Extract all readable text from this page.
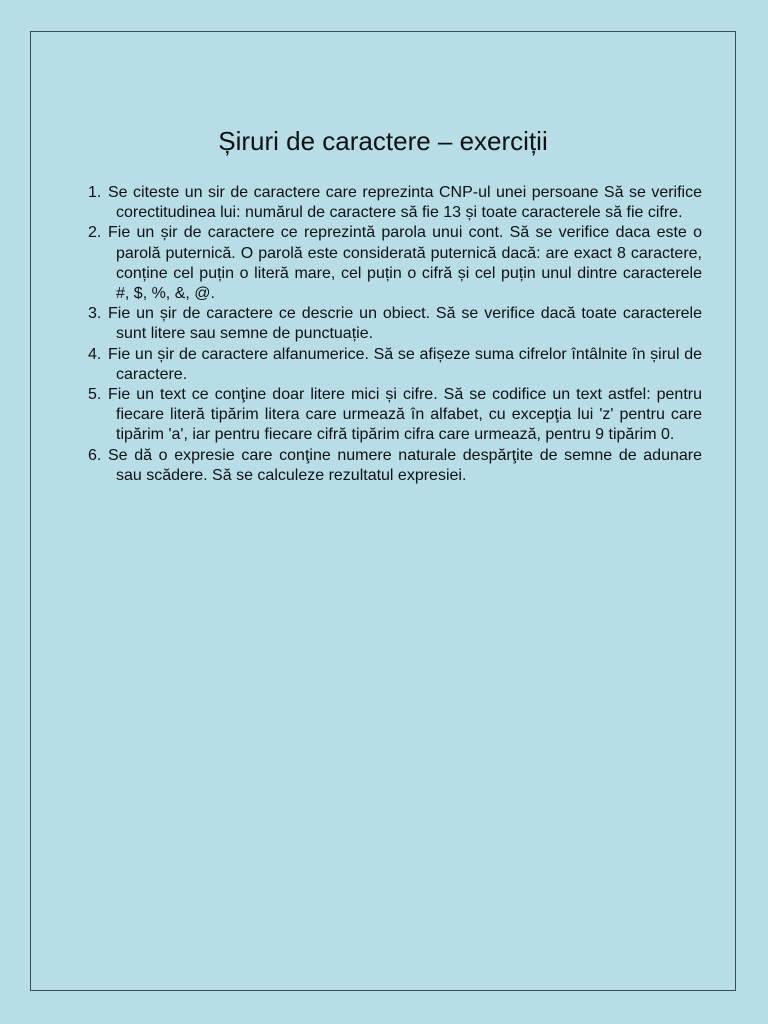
Șiruri de caractere – exerciții
1. Se citeste un sir de caractere care reprezinta CNP-ul unei persoane Să se verifice corectitudinea lui: numărul de caractere să fie 13 și toate caracterele să fie cifre.
2. Fie un șir de caractere ce reprezintă parola unui cont. Să se verifice daca este o parolă puternică. O parolă este considerată puternică dacă: are exact 8 caractere, conține cel puțin o literă mare, cel puțin o cifră și cel puțin unul dintre caracterele #, $, %, &, @.
3. Fie un șir de caractere ce descrie un obiect. Să se verifice dacă toate caracterele sunt litere sau semne de punctuație.
4. Fie un șir de caractere alfanumerice. Să se afișeze suma cifrelor întâlnite în șirul de caractere.
5. Fie un text ce conţine doar litere mici și cifre. Să se codifice un text astfel: pentru fiecare literă tipărim litera care urmează în alfabet, cu excepţia lui 'z' pentru care tipărim 'a', iar pentru fiecare cifră tipărim cifra care urmează, pentru 9 tipărim 0.
6. Se dă o expresie care conţine numere naturale despărţite de semne de adunare sau scădere. Să se calculeze rezultatul expresiei.
